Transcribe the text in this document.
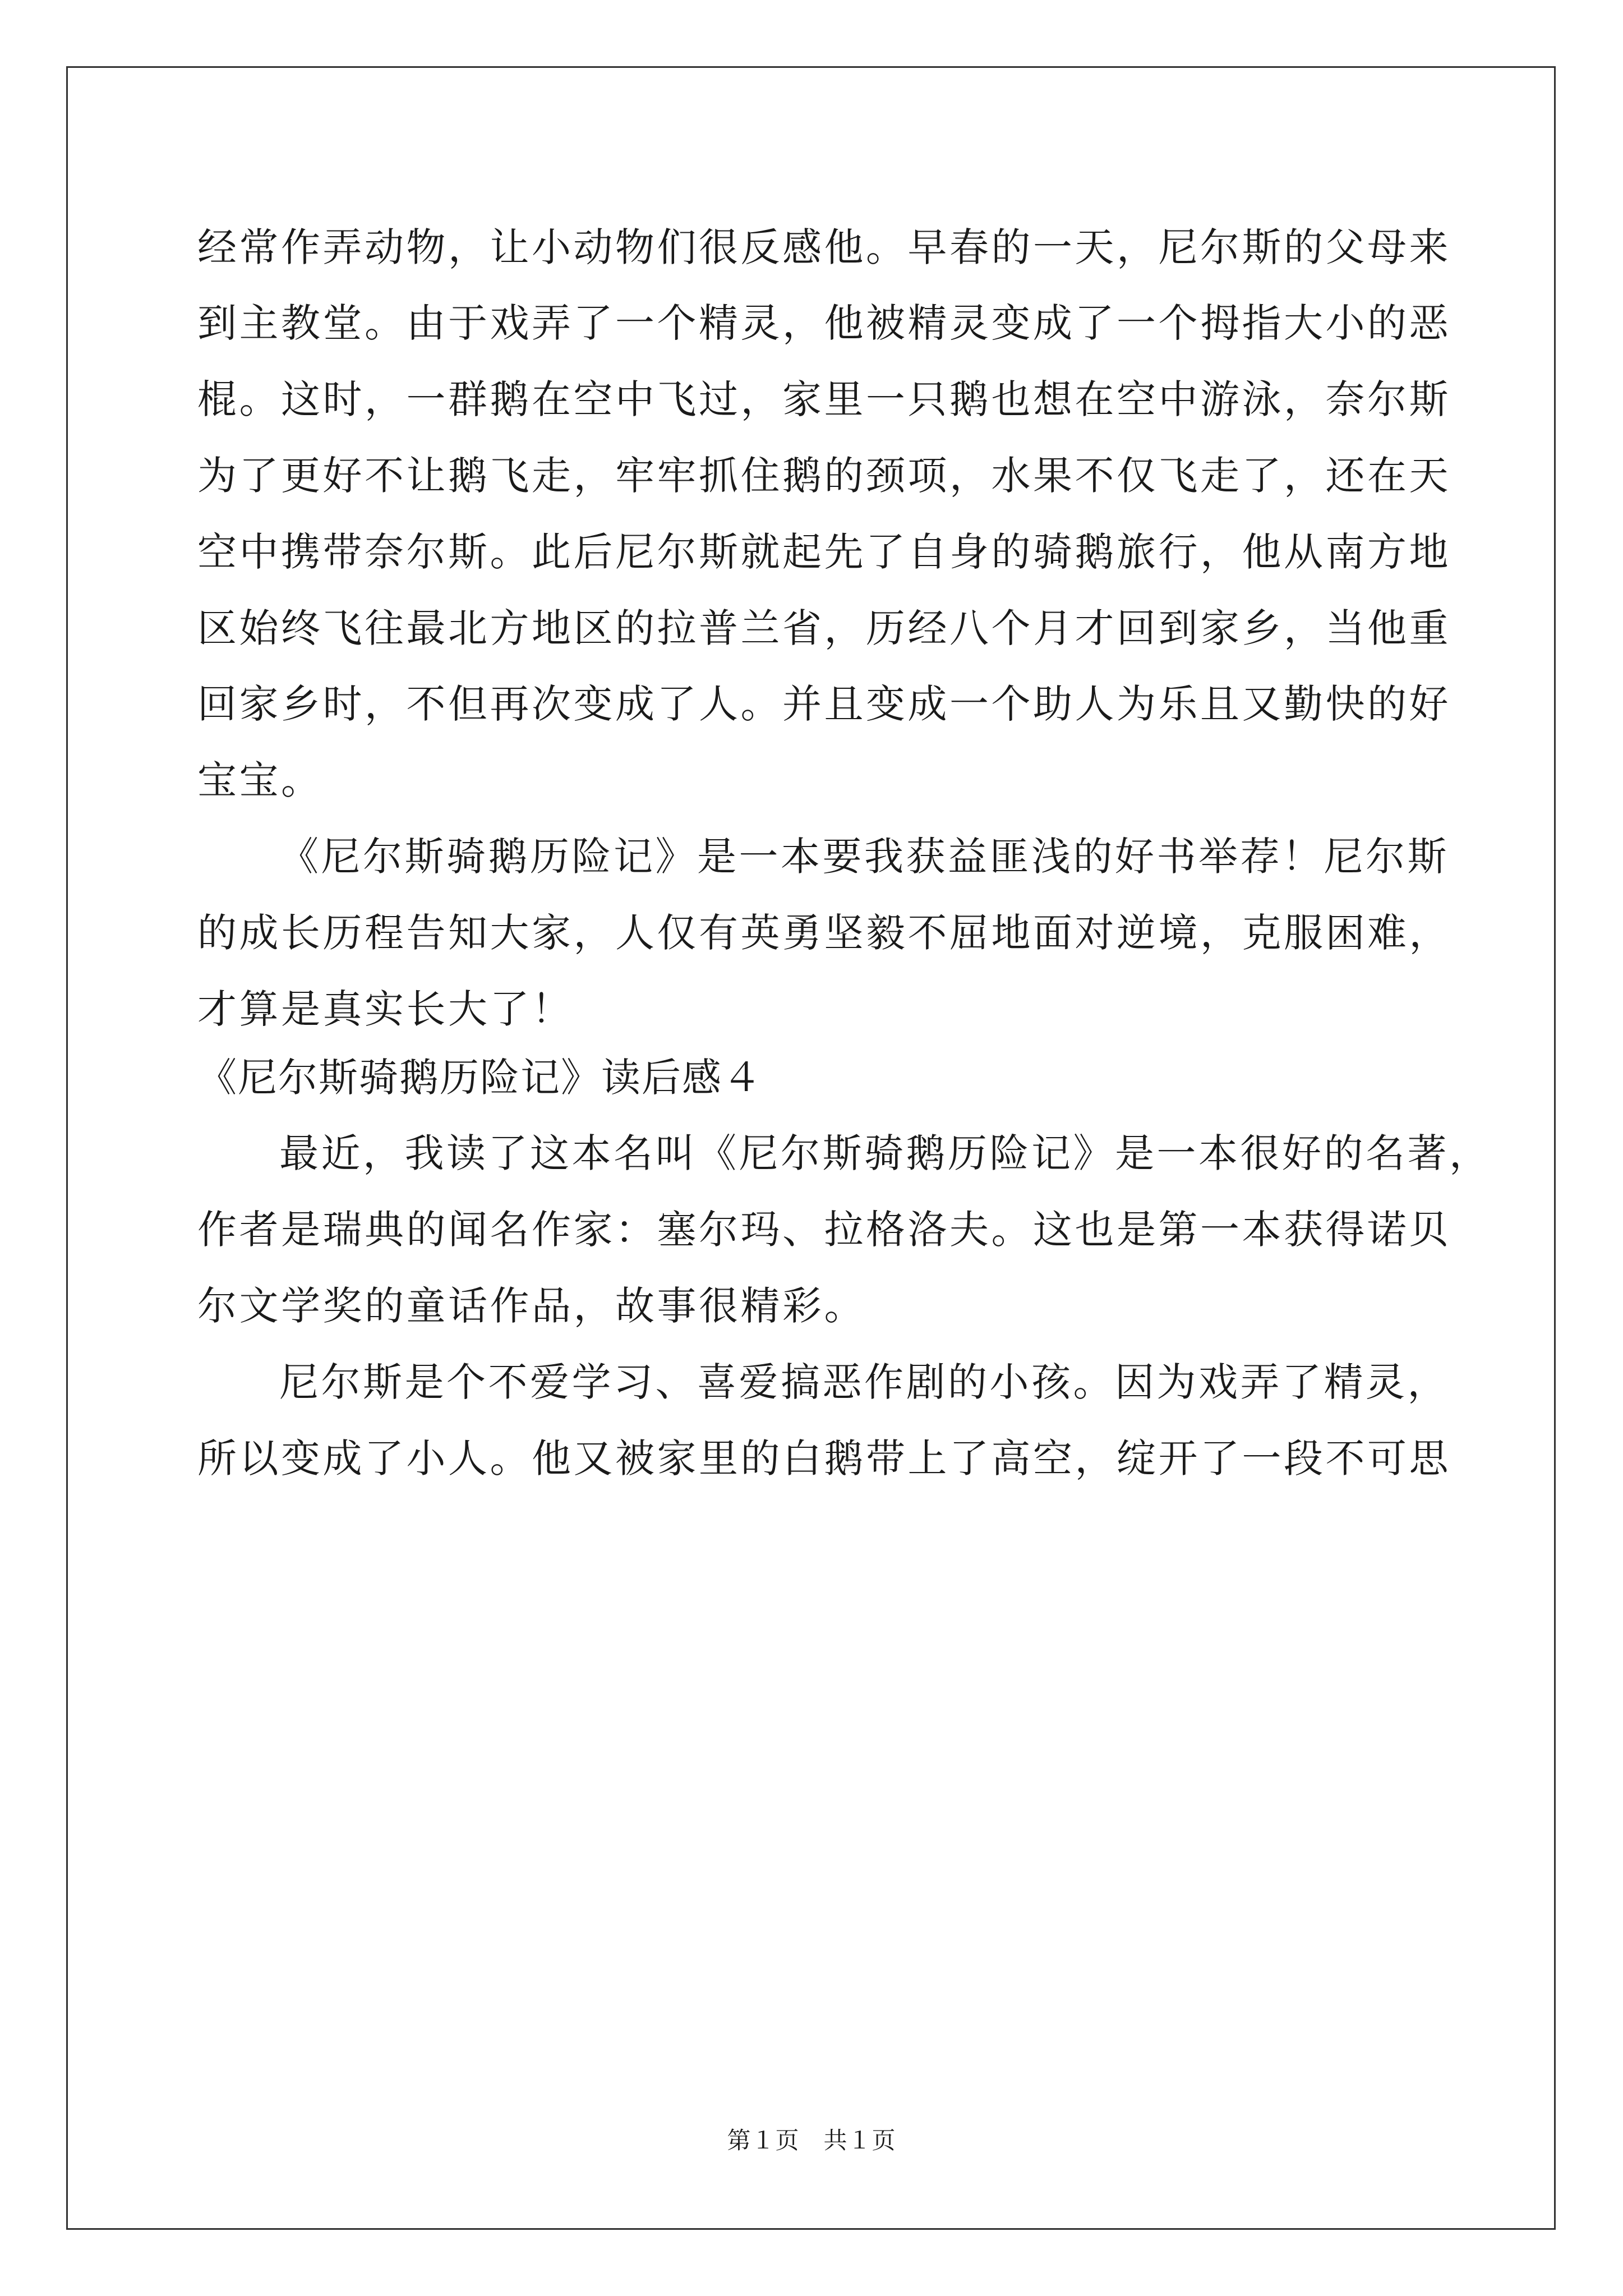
经常作弄动物，让小动物们很反感他。早春的一天，尼尔斯的父母来
到主教堂。由于戏弄了一个精灵，他被精灵变成了一个拇指大小的恶
棍。这时，一群鹅在空中飞过，家里一只鹅也想在空中游泳，奈尔斯
为了更好不让鹅飞走，牢牢抓住鹅的颈项，水果不仅飞走了，还在天
空中携带奈尔斯。此后尼尔斯就起先了自身的骑鹅旅行，他从南方地
区始终飞往最北方地区的拉普兰省，历经八个月才回到家乡，当他重
回家乡时，不但再次变成了人。并且变成一个助人为乐且又勤快的好
宝宝。
《尼尔斯骑鹅历险记》是一本要我获益匪浅的好书举荐！尼尔斯
的成长历程告知大家，人仅有英勇坚毅不屈地面对逆境，克服困难，
才算是真实长大了！
《尼尔斯骑鹅历险记》读后感４
最近，我读了这本名叫《尼尔斯骑鹅历险记》是一本很好的名著，
作者是瑞典的闻名作家：塞尔玛、拉格洛夫。这也是第一本获得诺贝
尔文学奖的童话作品，故事很精彩。
尼尔斯是个不爱学习、喜爱搞恶作剧的小孩。因为戏弄了精灵，
所以变成了小人。他又被家里的白鹅带上了高空，绽开了一段不可思
第１页　共１页
